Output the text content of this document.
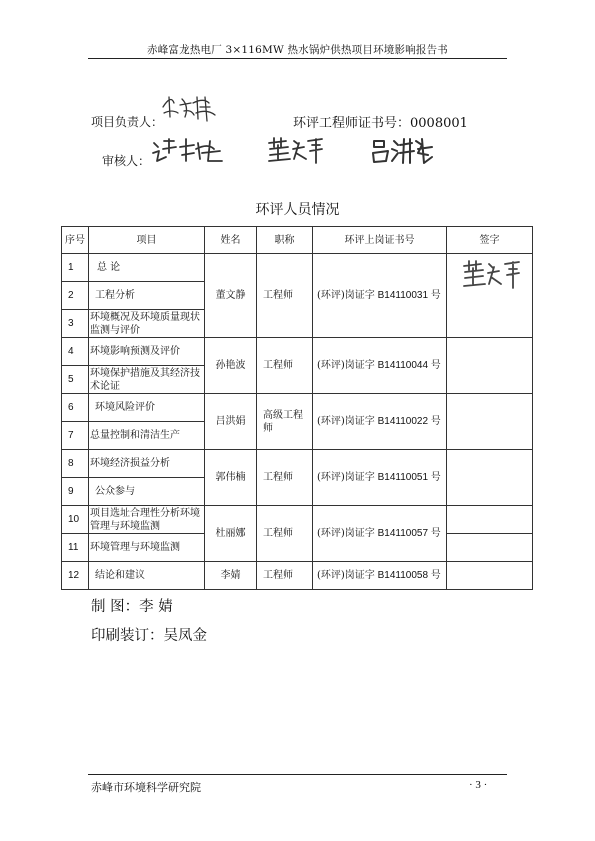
赤峰富龙热电厂 3×116MW 热水锅炉供热项目环境影响报告书
项目负责人：	环评工程师证书号：0008001
审核人：
环评人员情况
序号	项目	姓名	职称	环评上岗证书号	签字
1	总 论	董文静	工程师	(环评)岗证字 B14110031 号	

2	工程分析				
3	环境概况及环境质量现状监测与评价				
4	环境影响预测及评价	孙艳波	工程师	(环评)岗证字 B14110044 号	
5	环境保护措施及其经济技术论证				
6	环境风险评价	吕洪娟	高级工程师	(环评)岗证字 B14110022 号	
7	总量控制和清洁生产				
8	环境经济损益分析	郭伟楠	工程师	(环评)岗证字 B14110051 号	
9	公众参与				
10	项目选址合理性分析环境管理与环境监测	杜丽娜	工程师	(环评)岗证字 B14110057 号	
11	环境管理与环境监测				
12	结论和建议	李婧	工程师	(环评)岗证字 B14110058 号	
制 图：李 婧
印刷装订：吴凤金
赤峰市环境科学研究院	· 3 ·
